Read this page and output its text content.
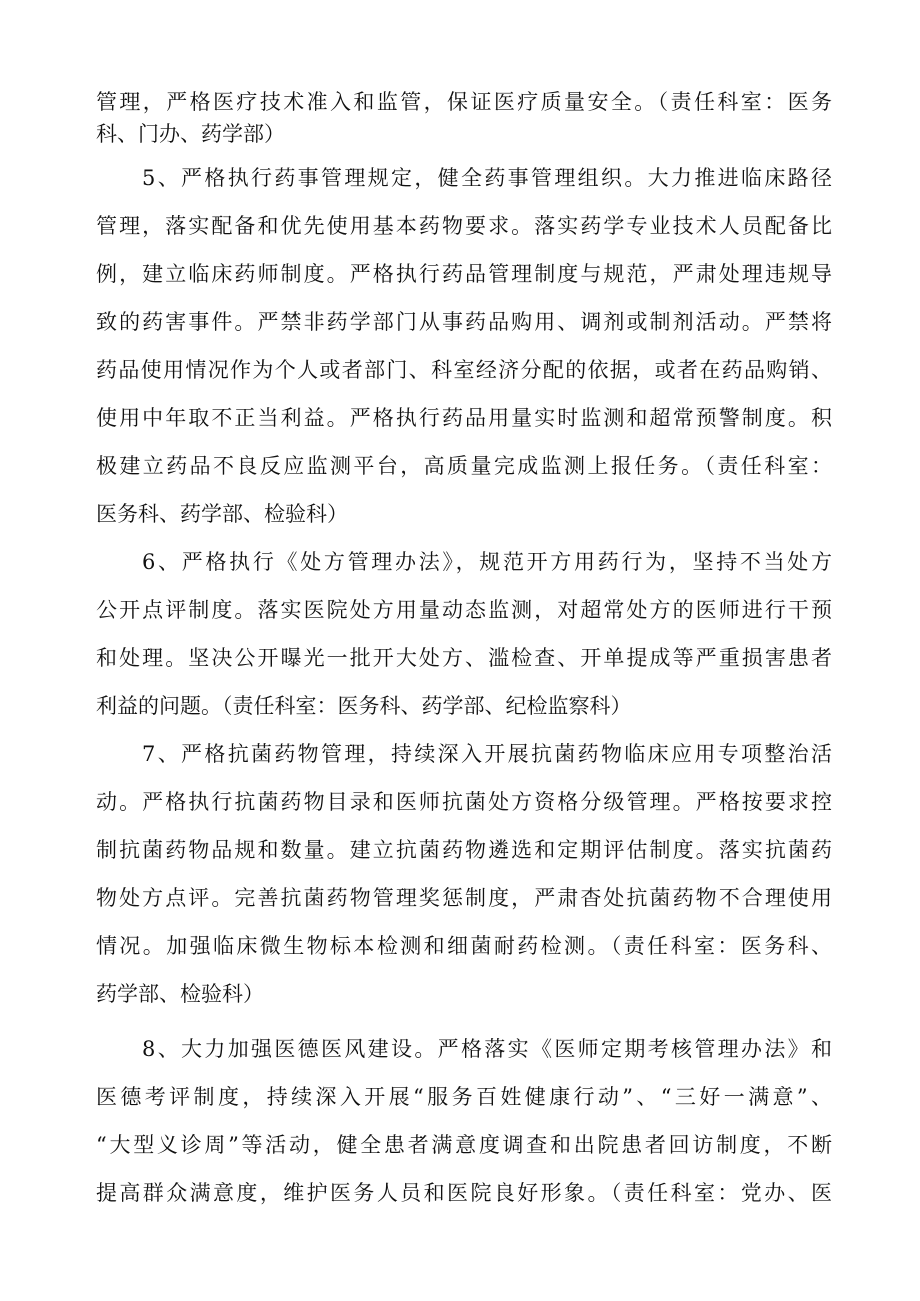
管理，严格医疗技术准入和监管，保证医疗质量安全。（责任科室：医务
科、门办、药学部）
5、严格执行药事管理规定，健全药事管理组织。大力推进临床路径
管理，落实配备和优先使用基本药物要求。落实药学专业技术人员配备比
例，建立临床药师制度。严格执行药品管理制度与规范，严肃处理违规导
致的药害事件。严禁非药学部门从事药品购用、调剂或制剂活动。严禁将
药品使用情况作为个人或者部门、科室经济分配的依据，或者在药品购销、
使用中年取不正当利益。严格执行药品用量实时监测和超常预警制度。积
极建立药品不良反应监测平台，高质量完成监测上报任务。（责任科室：
医务科、药学部、检验科）
6、严格执行《处方管理办法》，规范开方用药行为，坚持不当处方
公开点评制度。落实医院处方用量动态监测，对超常处方的医师进行干预
和处理。坚决公开曝光一批开大处方、滥检查、开单提成等严重损害患者
利益的问题。（责任科室：医务科、药学部、纪检监察科）
7、严格抗菌药物管理，持续深入开展抗菌药物临床应用专项整治活
动。严格执行抗菌药物目录和医师抗菌处方资格分级管理。严格按要求控
制抗菌药物品规和数量。建立抗菌药物遴选和定期评估制度。落实抗菌药
物处方点评。完善抗菌药物管理奖惩制度，严肃杳处抗菌药物不合理使用
情况。加强临床微生物标本检测和细菌耐药检测。（责任科室：医务科、
药学部、检验科）
8、大力加强医德医风建设。严格落实《医师定期考核管理办法》和
医德考评制度，持续深入开展“服务百姓健康行动”、“三好一满意”、
“大型义诊周”等活动，健全患者满意度调查和出院患者回访制度，不断
提高群众满意度，维护医务人员和医院良好形象。（责任科室：党办、医
